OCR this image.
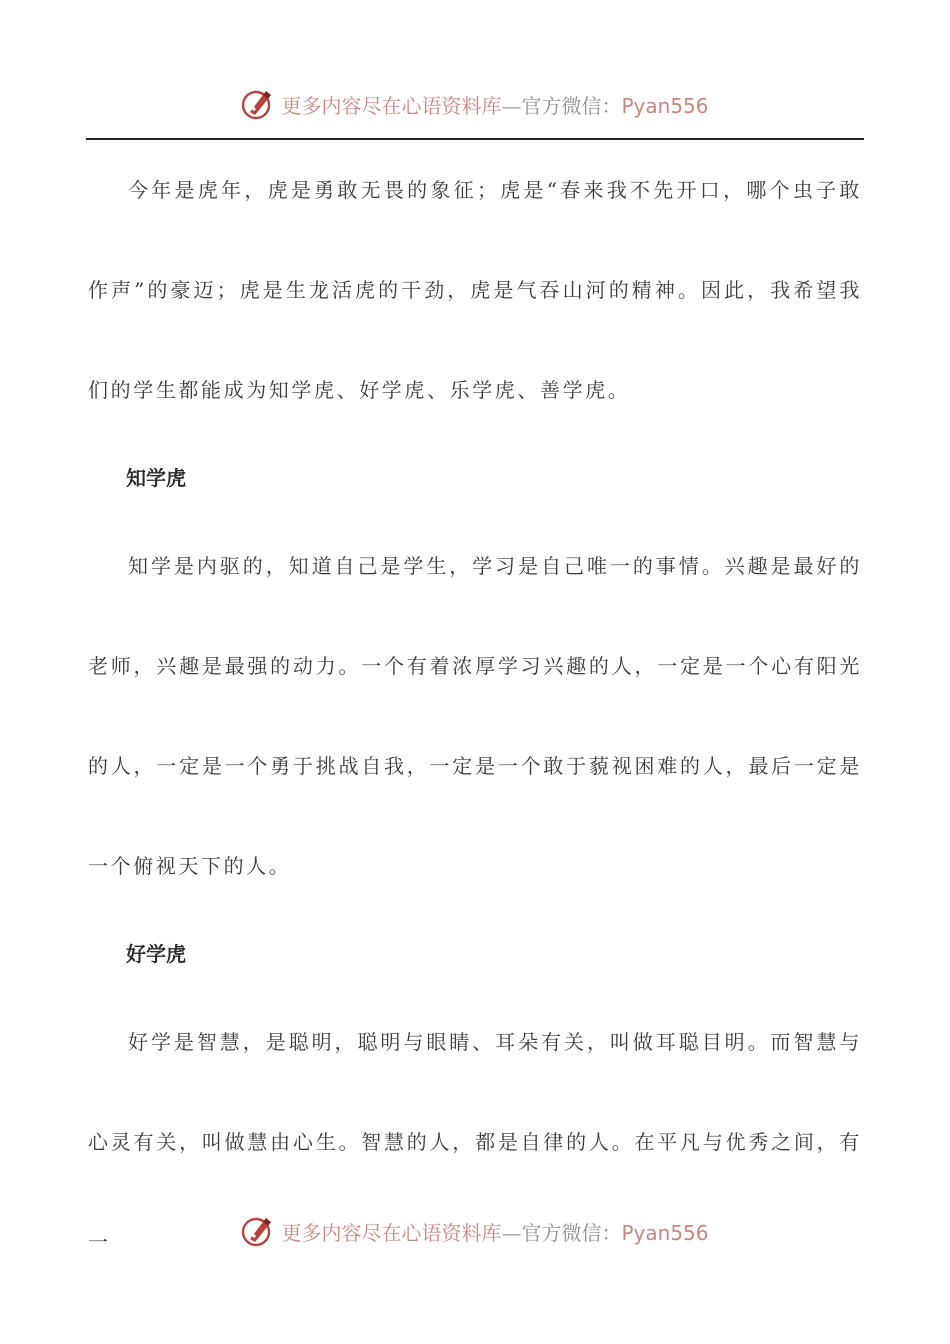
更多内容尽在心语资料库—官方微信：Pyan556

今年是虎年，虎是勇敢无畏的象征；虎是“春来我不先开口，哪个虫子敢作声”的豪迈；虎是生龙活虎的干劲，虎是气吞山河的精神。因此，我希望我们的学生都能成为知学虎、好学虎、乐学虎、善学虎。

知学虎

知学是内驱的，知道自己是学生，学习是自己唯一的事情。兴趣是最好的老师，兴趣是最强的动力。一个有着浓厚学习兴趣的人，一定是一个心有阳光的人，一定是一个勇于挑战自我，一定是一个敢于藐视困难的人，最后一定是一个俯视天下的人。

好学虎

好学是智慧，是聪明，聪明与眼睛、耳朵有关，叫做耳聪目明。而智慧与心灵有关，叫做慧由心生。智慧的人，都是自律的人。在平凡与优秀之间，有一	更多内容尽在心语资料库—官方微信：Pyan556
